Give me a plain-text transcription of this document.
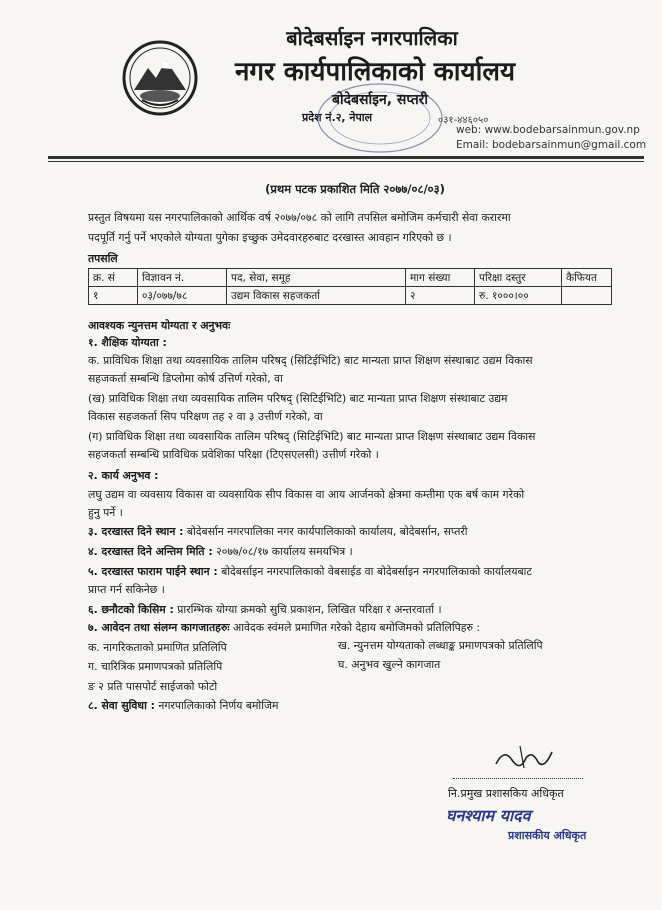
बोदेबर्साइन नगरपालिका
नगर कार्यपालिकाको कार्यालय
बोदेबर्साइन, सप्तरी
प्रदेश नं.२, नेपाल	०३१-४४६०५०
web: www.bodebarsainmun.gov.np
Email: bodebarsainmun@gmail.com
(प्रथम पटक प्रकाशित मिति २०७७/०८/०३)
प्रस्तुत विषयमा यस नगरपालिकाको आर्थिक वर्ष २०७७/०७८ को लागि तपसिल बमोजिम कर्मचारी सेवा करारमा
पदपूर्ति गर्नु पर्ने भएकोले योग्यता पुगेका इच्छुक उमेदवारहरुबाट दरखास्त आवहान गरिएको छ ।
तपसलि
क्र. सं	विज्ञावन नं.	पद, सेवा, समूह	माग संख्या	परिक्षा दस्तुर	कैफियत
१	०३/०७७/७८	उद्यम विकास सहजकर्ता	२	रु. १०००।००	
आवश्यक न्युनत्तम योग्यता र अनुभवः
१. शैक्षिक योग्यता :
क. प्राविधिक शिक्षा तथा व्यवसायिक तालिम परिषद् (सिटिईभिटि) बाट मान्यता प्राप्त शिक्षण संस्थाबाट उद्यम विकास
सहजकर्ता सम्बन्धि डिप्लोमा कोर्ष उत्तिर्ण गरेको, वा
(ख) प्राविधिक शिक्षा तथा व्यवसायिक तालिम परिषद् (सिटिईभिटि) बाट मान्यता प्राप्त शिक्षण संस्थाबाट उद्यम
विकास सहजकर्ता सिप परिक्षण तह २ वा ३ उत्तीर्ण गरेको, वा
(ग) प्राविधिक शिक्षा तथा व्यवसायिक तालिम परिषद् (सिटिईभिटि) बाट मान्यता प्राप्त शिक्षण संस्थाबाट उद्यम विकास
सहजकर्ता सम्बन्धि प्राविधिक प्रवेशिका परिक्षा (टिएसएलसी) उत्तीर्ण गरेको ।
२. कार्य अनुभव :
लघु उद्यम वा व्यवसाय विकास वा व्यवसायिक सीप विकास वा आय आर्जनको क्षेत्रमा कम्तीमा एक बर्ष काम गरेको
हुनु पर्ने ।
३. दरखास्त दिने स्थान : बोदेबर्सान नगरपालिका नगर कार्यपालिकाको कार्यालय, बोदेबर्सान, सप्तरी
४. दरखास्त दिने अन्तिम मिति : २०७७/०८/१७ कार्यालय समयभित्र ।
५. दरखास्त फाराम पाईने स्थान : बोदेबर्साइन नगरपालिकाको वेबसाईड वा बोदेबर्साइन नगरपालिकाको कार्यालयबाट
प्राप्त गर्न सकिनेछ ।
६. छनौटको किसिम : प्रारम्भिक योग्या क्रमको सुचि प्रकाशन, लिखित परिक्षा र अन्तरवार्ता ।
७. आवेदन तथा संलग्न कागजातहरुः आवेदक स्वंमले प्रमाणित गरेको देहाय बमोजिमको प्रतिलिपिहरु :
क. नागरिकताको प्रमाणित प्रतिलिपि	ख. न्युनत्तम योग्यताको लब्धाङ्क प्रमाणपत्रको प्रतिलिपि
ग. चारित्रिक प्रमाणपत्रको प्रतिलिपि	घ. अनुभव खुल्ने कागजात
ङ २ प्रति पासपोर्ट साईजको फोटो
८. सेवा सुविधा : नगरपालिकाको निर्णय बमोजिम
नि.प्रमुख प्रशासकिय अधिकृत
घनश्याम यादव
प्रशासकीय अधिकृत
